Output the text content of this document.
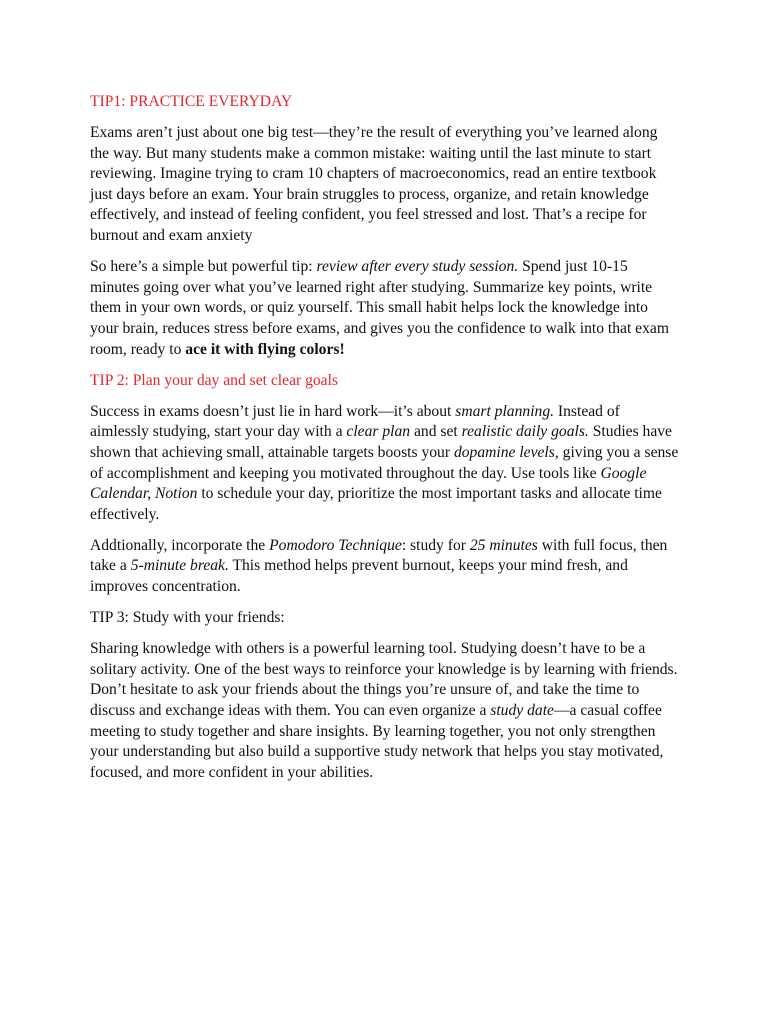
TIP1: PRACTICE EVERYDAY

Exams aren’t just about one big test—they’re the result of everything you’ve learned along the way. But many students make a common mistake: waiting until the last minute to start reviewing. Imagine trying to cram 10 chapters of macroeconomics, read an entire textbook just days before an exam. Your brain struggles to process, organize, and retain knowledge effectively, and instead of feeling confident, you feel stressed and lost. That’s a recipe for burnout and exam anxiety

So here’s a simple but powerful tip: review after every study session. Spend just 10-15 minutes going over what you’ve learned right after studying. Summarize key points, write them in your own words, or quiz yourself. This small habit helps lock the knowledge into your brain, reduces stress before exams, and gives you the confidence to walk into that exam room, ready to ace it with flying colors!

TIP 2: Plan your day and set clear goals

Success in exams doesn’t just lie in hard work—it’s about smart planning. Instead of aimlessly studying, start your day with a clear plan and set realistic daily goals. Studies have shown that achieving small, attainable targets boosts your dopamine levels, giving you a sense of accomplishment and keeping you motivated throughout the day. Use tools like Google Calendar, Notion to schedule your day, prioritize the most important tasks and allocate time effectively.

Addtionally, incorporate the Pomodoro Technique: study for 25 minutes with full focus, then take a 5-minute break. This method helps prevent burnout, keeps your mind fresh, and improves concentration.

TIP 3: Study with your friends:

Sharing knowledge with others is a powerful learning tool. Studying doesn’t have to be a solitary activity. One of the best ways to reinforce your knowledge is by learning with friends. Don’t hesitate to ask your friends about the things you’re unsure of, and take the time to discuss and exchange ideas with them. You can even organize a study date—a casual coffee meeting to study together and share insights. By learning together, you not only strengthen your understanding but also build a supportive study network that helps you stay motivated, focused, and more confident in your abilities.
